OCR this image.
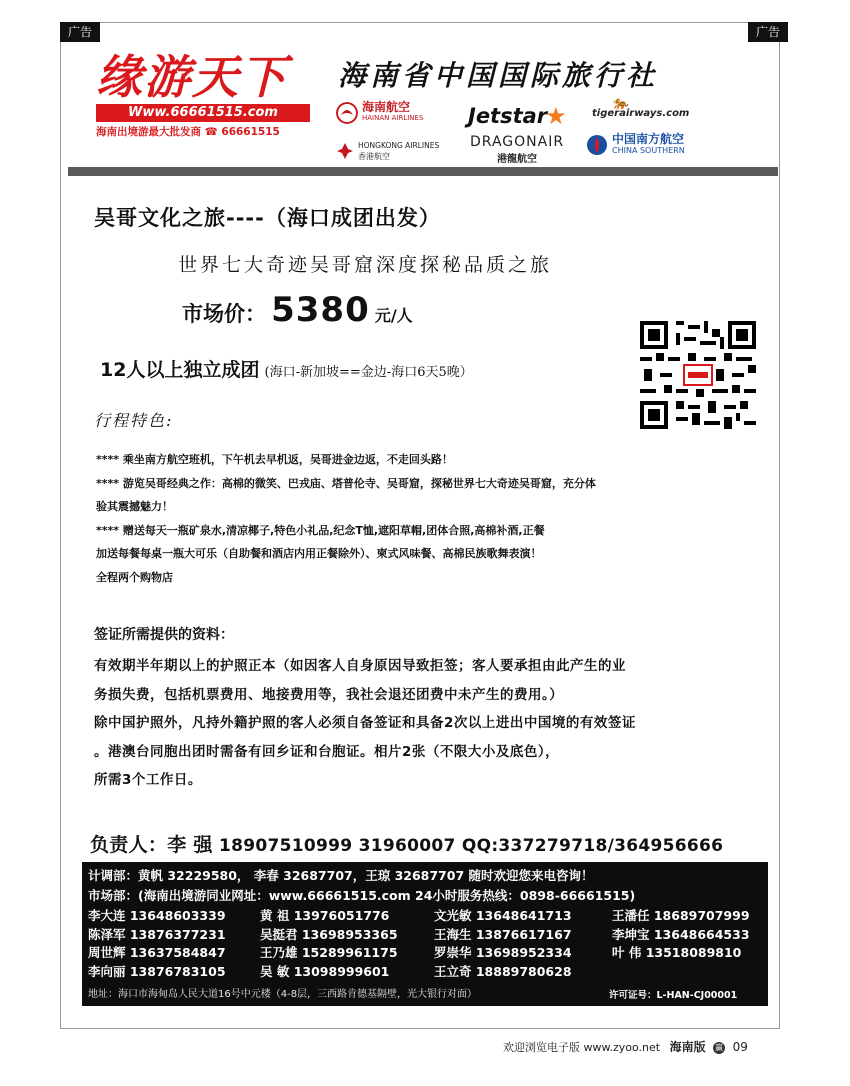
广告	广告
缘游天下
Www.66661515.com
海南出境游最大批发商 ☎ 66661515
海南省中国国际旅行社
海南航空
HAINAN AIRLINES Jetstar
★	🐅
tigerairways.com
HONGKONG AIRLINES
香港航空
DRAGONAIR
港龍航空
中国南方航空
CHINA SOUTHERN
吴哥文化之旅----（海口成团出发）
世界七大奇迹吴哥窟深度探秘品质之旅
市场价： 5380 元/人
12人以上独立成团 (海口-新加坡==金边-海口6天5晚）
行程特色:

**** 乘坐南方航空班机，下午机去早机返，吴哥进金边返，不走回头路！

**** 游览吴哥经典之作：高棉的微笑、巴戎庙、塔普伦寺、吴哥窟，探秘世界七大奇迹吴哥窟，充分体

验其震撼魅力！

**** 赠送每天一瓶矿泉水,清凉椰子,特色小礼品,纪念T恤,遮阳草帽,团体合照,高棉补酒,正餐

加送每餐每桌一瓶大可乐（自助餐和酒店内用正餐除外）、柬式风味餐、高棉民族歌舞表演！

全程两个购物店

签证所需提供的资料：

有效期半年期以上的护照正本（如因客人自身原因导致拒签；客人要承担由此产生的业

务损失费，包括机票费用、地接费用等，我社会退还团费中未产生的费用。）

除中国护照外，凡持外籍护照的客人必须自备签证和具备2次以上进出中国境的有效签证

。港澳台同胞出团时需备有回乡证和台胞证。相片2张（不限大小及底色），

所需3个工作日。

负责人：李 强 18907510999 31960007 QQ:337279718/364956666
计调部：黄帆 32229580， 李春 32687707，王琼 32687707 随时欢迎您来电咨询！
市场部：(海南出境游同业网址：www.66661515.com 24小时服务热线：0898-66661515)
李大连 13648603339	黄 祖 13976051776	文光敏 13648641713	王潘任 18689707999
陈泽军 13876377231	吴挺君 13698953365	王海生 13876617167	李坤宝 13648664533
周世辉 13637584847	王乃雄 15289961175	罗崇华 13698952334	叶 伟 13518089810
李向丽 13876783105	吴 敏 13098999601	王立奇 18889780628
地址：海口市海甸岛人民大道16号中元楼（4-8层，三西路肯德基隔壁，光大银行对面）	许可证号：L-HAN-CJ00001
欢迎浏览电子版 www.zyoo.net 海南版 赢 09
